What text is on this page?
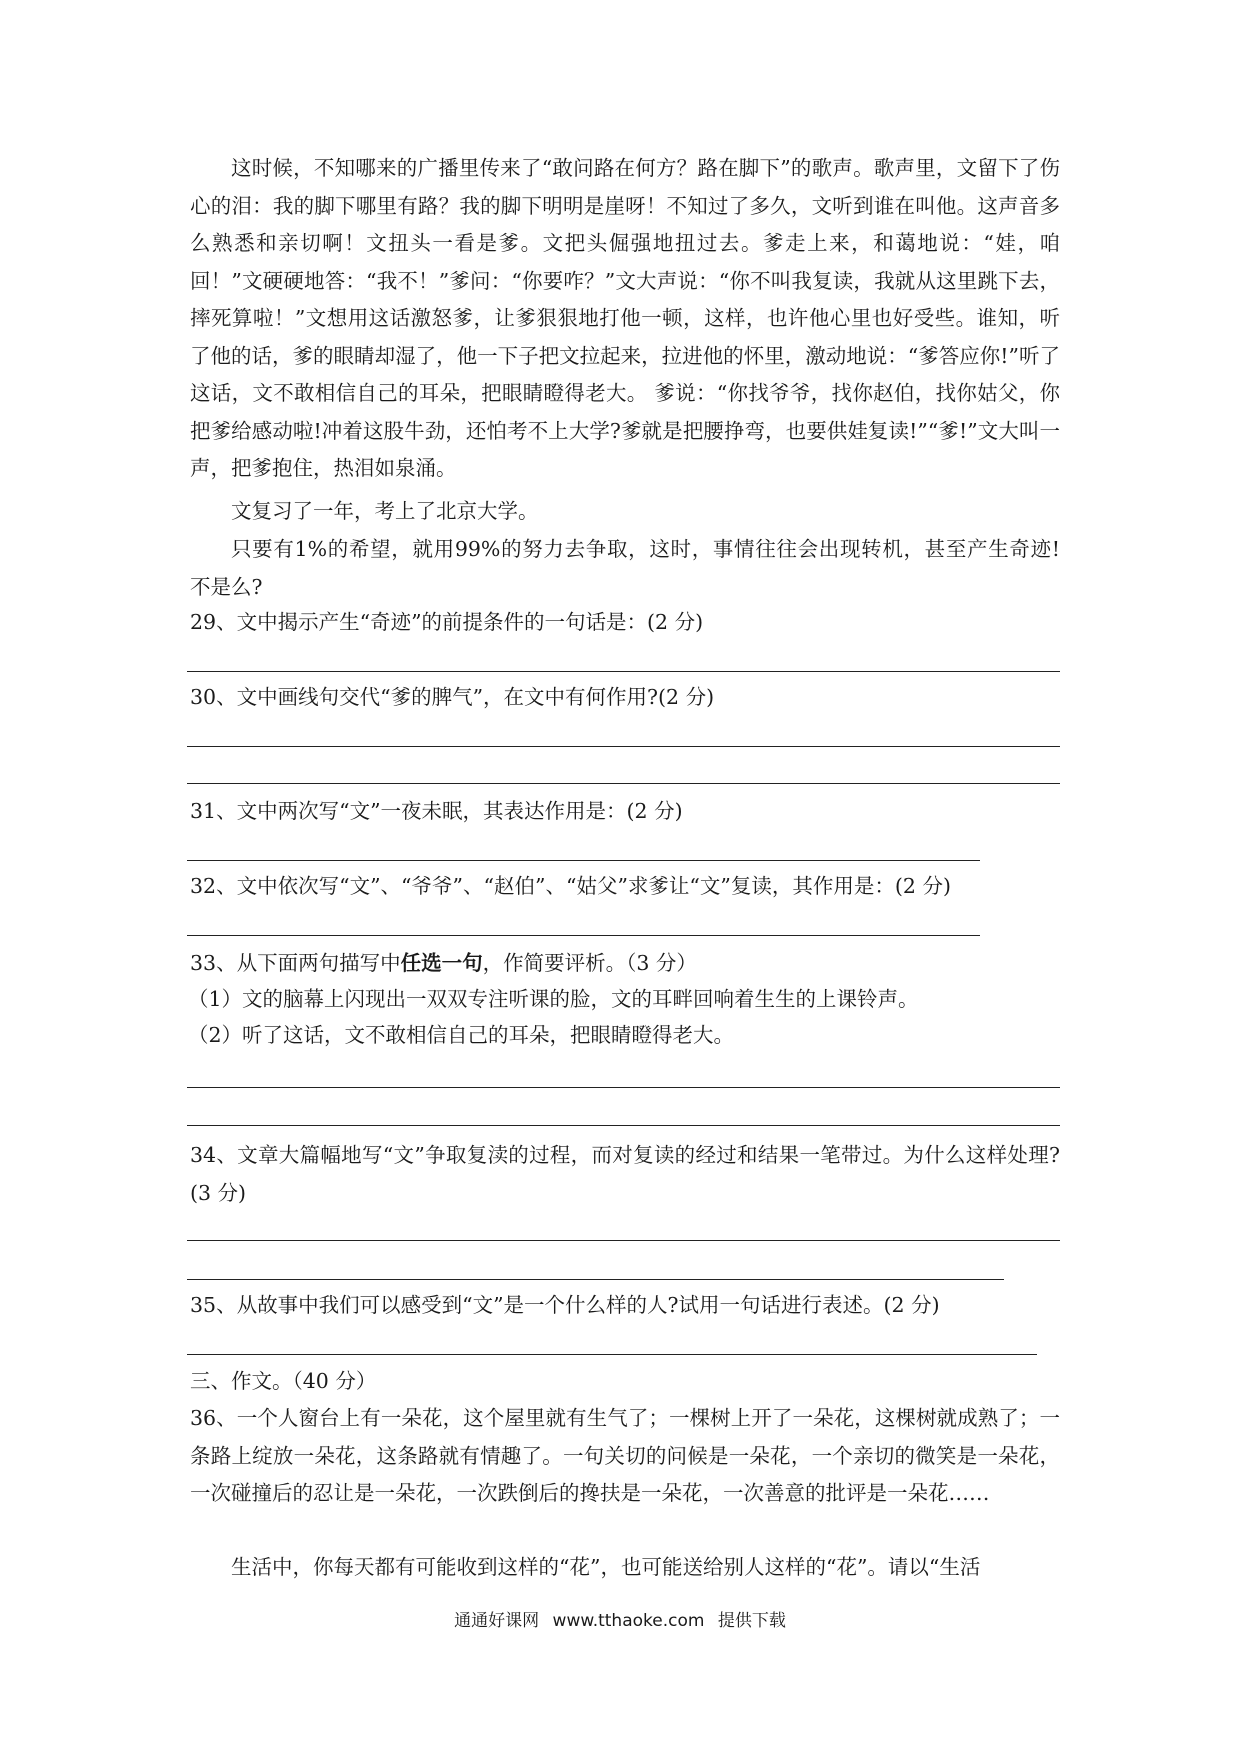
这时候，不知哪来的广播里传来了“敢问路在何方？路在脚下”的歌声。歌声里，文留下了伤心的泪：我的脚下哪里有路？我的脚下明明是崖呀！不知过了多久，文听到谁在叫他。这声音多么熟悉和亲切啊！文扭头一看是爹。文把头倔强地扭过去。爹走上来，和蔼地说：“娃，咱回！”文硬硬地答：“我不！”爹问：“你要咋？”文大声说：“你不叫我复读，我就从这里跳下去，摔死算啦！”文想用这话激怒爹，让爹狠狠地打他一顿，这样，也许他心里也好受些。谁知，听了他的话，爹的眼睛却湿了，他一下子把文拉起来，拉进他的怀里，激动地说：“爹答应你!”听了这话，文不敢相信自己的耳朵，把眼睛瞪得老大。 爹说：“你找爷爷，找你赵伯，找你姑父，你把爹给感动啦!冲着这股牛劲，还怕考不上大学?爹就是把腰挣弯，也要供娃复读!”“爹!”文大叫一声，把爹抱住，热泪如泉涌。

文复习了一年，考上了北京大学。

只要有1%的希望，就用99%的努力去争取，这时，事情往往会出现转机，甚至产生奇迹! 不是么?

29、文中揭示产生“奇迹”的前提条件的一句话是：(2 分)

30、文中画线句交代“爹的脾气”，在文中有何作用?(2 分)

31、文中两次写“文”一夜未眠，其表达作用是：(2 分)

32、文中依次写“文”、“爷爷”、“赵伯”、“姑父”求爹让“文”复读，其作用是：(2 分)

33、从下面两句描写中任选一句，作简要评析。（3 分）

（1）文的脑幕上闪现出一双双专注听课的脸，文的耳畔回响着生生的上课铃声。

（2）听了这话，文不敢相信自己的耳朵，把眼睛瞪得老大。

34、文章大篇幅地写“文”争取复渎的过程，而对复读的经过和结果一笔带过。为什么这样处理?(3 分)

35、从故事中我们可以感受到“文”是一个什么样的人?试用一句话进行表述。(2 分)

三、作文。（40 分）

36、一个人窗台上有一朵花，这个屋里就有生气了；一棵树上开了一朵花，这棵树就成熟了；一条路上绽放一朵花，这条路就有情趣了。一句关切的问候是一朵花，一个亲切的微笑是一朵花，一次碰撞后的忍让是一朵花，一次跌倒后的搀扶是一朵花，一次善意的批评是一朵花……

生活中，你每天都有可能收到这样的“花”，也可能送给别人这样的“花”。请以“生活

通通好课网 www.tthaoke.com 提供下载
